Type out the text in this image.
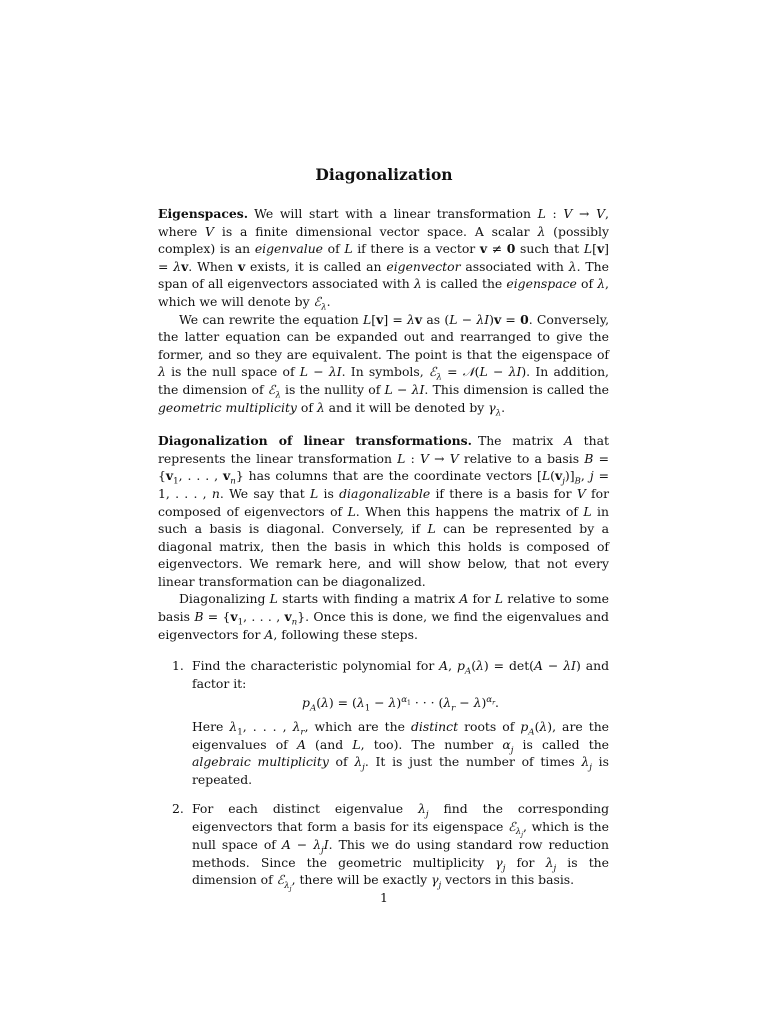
Diagonalization

Eigenspaces. We will start with a linear transformation L : V → V, where V is a finite dimensional vector space. A scalar λ (possibly complex) is an eigenvalue of L if there is a vector v ≠ 0 such that L[v] = λv. When v exists, it is called an eigenvector associated with λ. The span of all eigenvectors associated with λ is called the eigenspace of λ, which we will denote by ℰ$_\lambda$.

We can rewrite the equation L[v] = λv as (L − λI)v = 0. Conversely, the latter equation can be expanded out and rearranged to give the former, and so they are equivalent. The point is that the eigenspace of λ is the null space of L − λI. In symbols, ℰ$_\lambda$ = 𝒩(L − λI). In addition, the dimension of ℰ$_\lambda$ is the nullity of L − λI. This dimension is called the geometric multiplicity of λ and it will be denoted by $\gamma_\lambda$.

Diagonalization of linear transformations. The matrix A that represents the linear transformation L : V → V relative to a basis $B = \{v_1$, . . . , $v_n$} has columns that are the coordinate vectors $[L(v_j)]_B$, j = 1, . . . , n. We say that L is diagonalizable if there is a basis for V for composed of eigenvectors of L. When this happens the matrix of L in such a basis is diagonal. Conversely, if L can be represented by a diagonal matrix, then the basis in which this holds is composed of eigenvectors. We remark here, and will show below, that not every linear transformation can be diagonalized.

Diagonalizing L starts with finding a matrix A for L relative to some basis $B = \{v_1$, . . . , $v_n$}. Once this is done, we find the eigenvalues and eigenvectors for A, following these steps.

1. Find the characteristic polynomial for A, $p_A(\lambda) = \det(A - \lambda I)$ and factor it:
$p_A(\lambda) = (\lambda_1 - \lambda)^{\alpha_1}$ · · · $(\lambda_r - \lambda)^{\alpha_r}$.
Here $\lambda_1$, . . . , $\lambda_r$, which are the distinct roots of $p_A(\lambda)$, are the eigenvalues of A (and L, too). The number $\alpha_j$ is called the algebraic multiplicity of $\lambda_j$. It is just the number of times $\lambda_j$ is repeated.
2. For each distinct eigenvalue $\lambda_j$ find the corresponding eigenvectors that form a basis for its eigenspace ℰ$_{\lambda_j}$, which is the null space of $A - \lambda_jI$. This we do using standard row reduction methods. Since the geometric multiplicity $\gamma_j$ for $\lambda_j$ is the dimension of ℰ$_{\lambda_j}$, there will be exactly $\gamma_j$ vectors in this basis.
1
